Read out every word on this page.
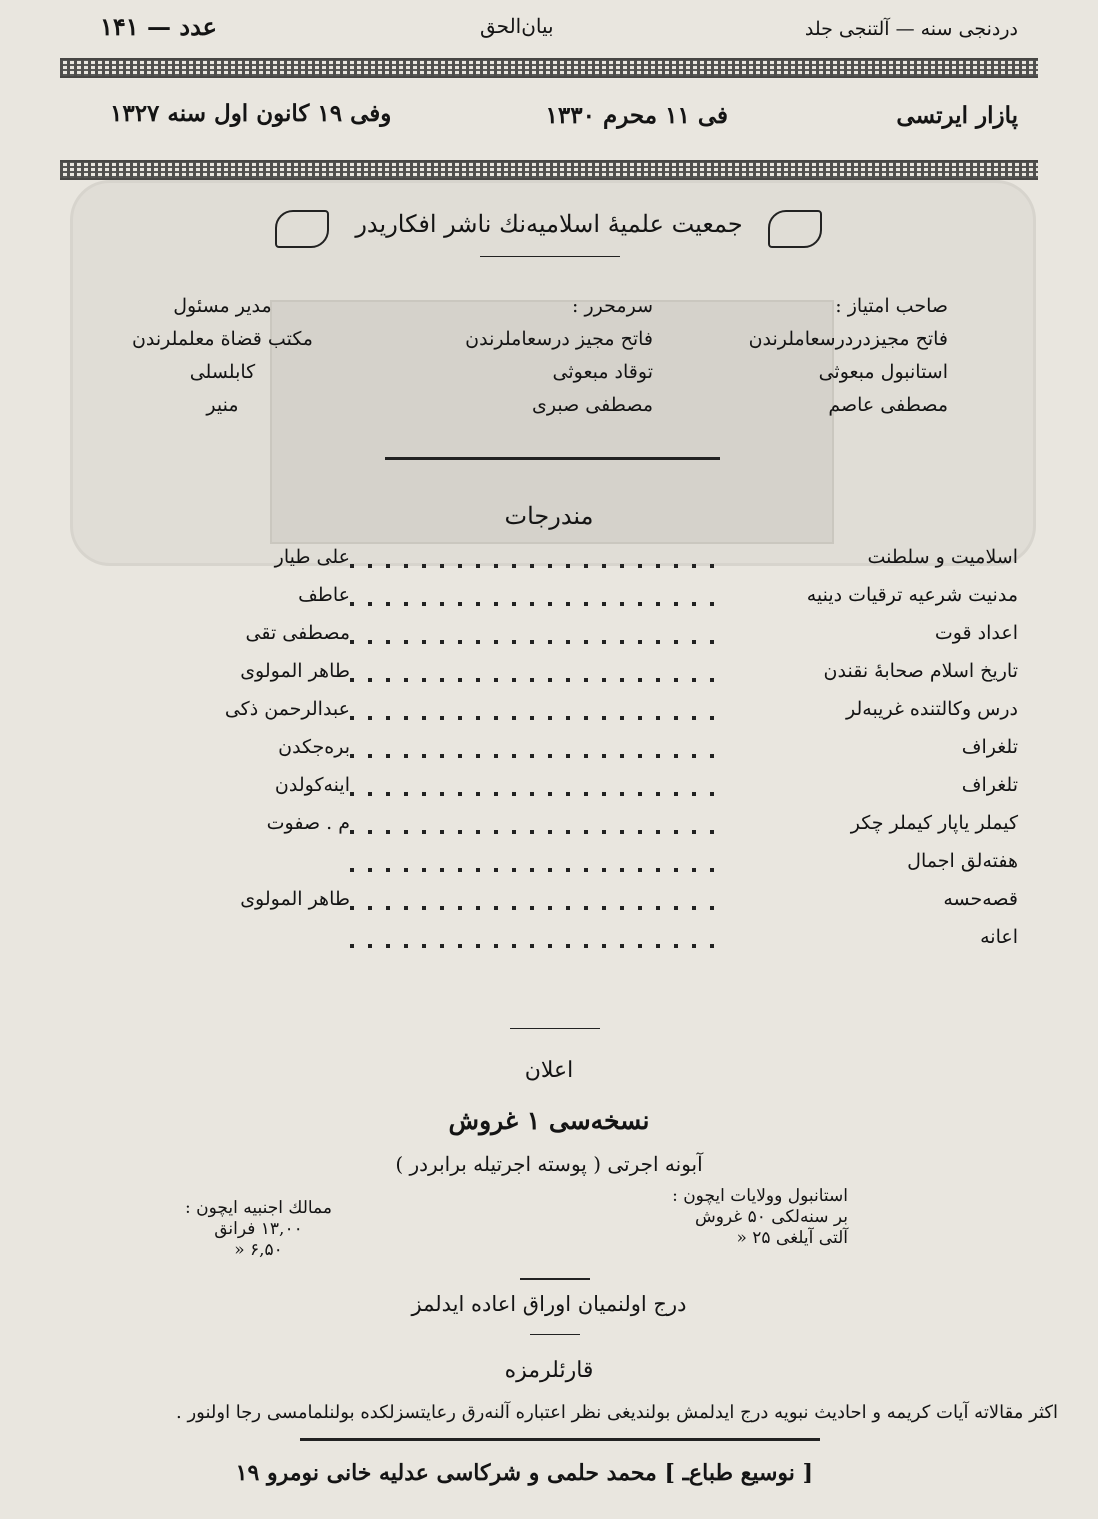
دردنجی سنه — آلتنجی جلد
بیان‌الحق
عدد — ۱۴۱
پازار ایرتسی
فی ۱۱ محرم ۱۳۳۰
وفی ۱۹ کانون اول سنه ۱۳۲۷
جمعیت علمیهٔ اسلامیه‌نك ناشر افکاریدر
صاحب امتیاز :
فاتح مجیزدردرسعاملرندن
استانبول مبعوثی
مصطفی عاصم
سرمحرر :
فاتح مجیز درسعاملرندن
توقاد مبعوثی
مصطفی صبری
مدیر مسئول
مکتب قضاة معلملرندن
کابلسلی
منیر
مندرجات
اسلامیت و سلطنت
علی طیار
مدنیت شرعیه ترقیات دینیه
عاطف
اعداد قوت
مصطفی تقی
تاریخ اسلام صحابهٔ نقندن
طاهر المولوی
درس وکالتنده غریبه‌لر
عبدالرحمن ذکی
تلغراف
بره‌جکدن
تلغراف
اینه‌کولدن
کیملر یاپار کیملر چکر
م . صفوت
هفته‌لق اجمال
قصه‌حسه
طاهر المولوی
اعانه
اعلان
نسخه‌سی ۱ غروش
آبونه اجرتی ( پوسته اجرتیله برابردر )
استانبول وولایات ایچون :
بر سنه‌لکی ۵۰ غروش
آلتی آیلغی ۲۵ «
ممالك اجنبیه ایچون :
۱۳,۰۰ فرانق
۶,۵۰ «
درج اولنمیان اوراق اعاده ایدلمز
قارئلرمزه
اکثر مقالاته آیات کریمه و احادیث نبویه درج ایدلمش بولندیغی نظر اعتباره آلنه‌رق رعایتسزلکده بولنلمامسی رجا اولنور .
[ نوسیع طباع‌ـ ] محمد حلمی و شرکاسی عدلیه خانی نومرو ۱۹
